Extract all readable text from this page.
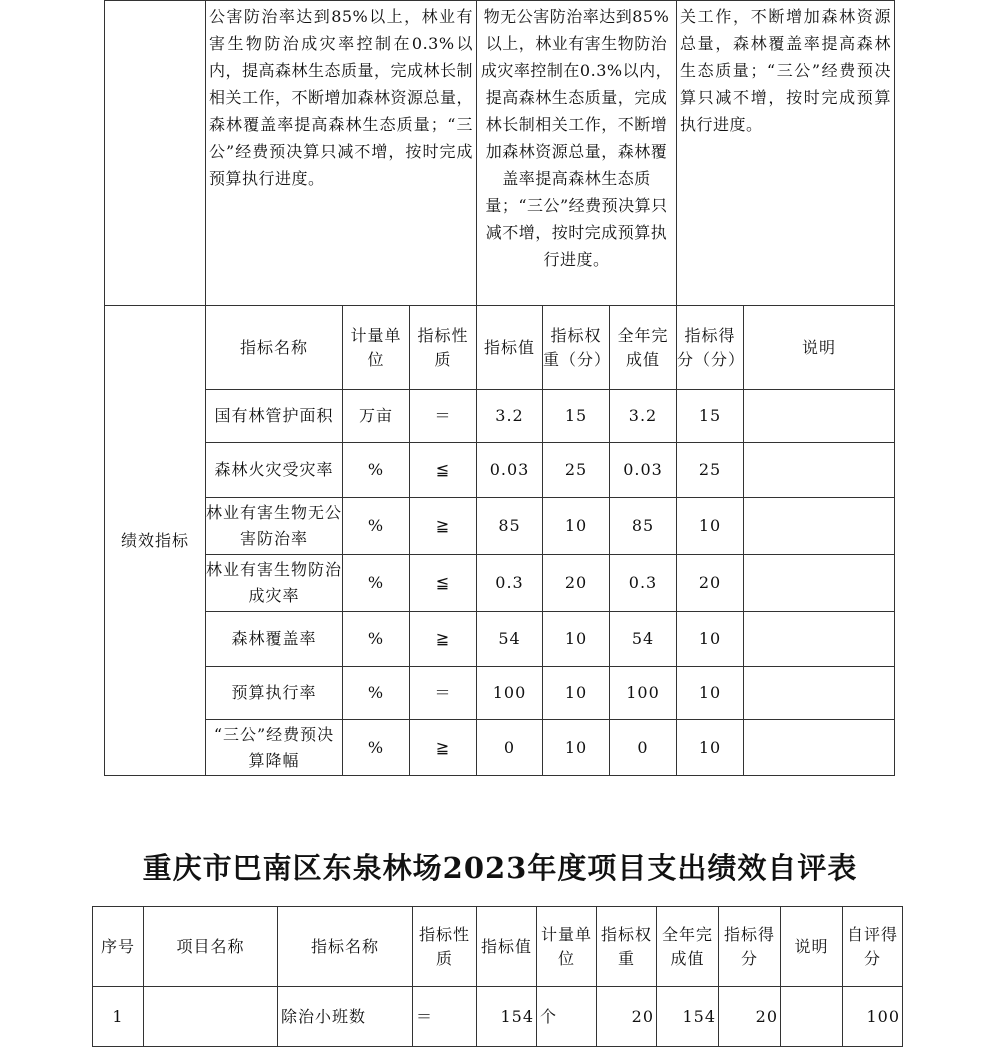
	公害防治率达到85%以上，林业有害生物防治成灾率控制在0.3%以内，提高森林生态质量，完成林长制相关工作，不断增加森林资源总量，森林覆盖率提高森林生态质量；“三公”经费预决算只减不增，按时完成预算执行进度。			物无公害防治率达到85%以上，林业有害生物防治成灾率控制在0.3%以内，提高森林生态质量，完成林长制相关工作，不断增加森林资源总量，森林覆盖率提高森林生态质量；“三公”经费预决算只减不增，按时完成预算执行进度。			关工作，不断增加森林资源总量，森林覆盖率提高森林生态质量；“三公”经费预决算只减不增，按时完成预算执行进度。	
绩效指标	指标名称	计量单位	指标性质	指标值	指标权重（分）	全年完成值	指标得分（分）	说明
	国有林管护面积	万亩	＝	3.2	15	3.2	15	
	森林火灾受灾率	%	≦	0.03	25	0.03	25	
	林业有害生物无公害防治率	%	≧	85	10	85	10	
	林业有害生物防治成灾率	%	≦	0.3	20	0.3	20	
	森林覆盖率	%	≧	54	10	54	10	
	预算执行率	%	＝	100	10	100	10	
	“三公”经费预决算降幅	%	≧	0	10	0	10	
重庆市巴南区东泉林场2023年度项目支出绩效自评表
序号	项目名称	指标名称	指标性质	指标值	计量单位	指标权重	全年完成值	指标得分	说明	自评得分
1		除治小班数	＝	154	个	20	154	20		100
